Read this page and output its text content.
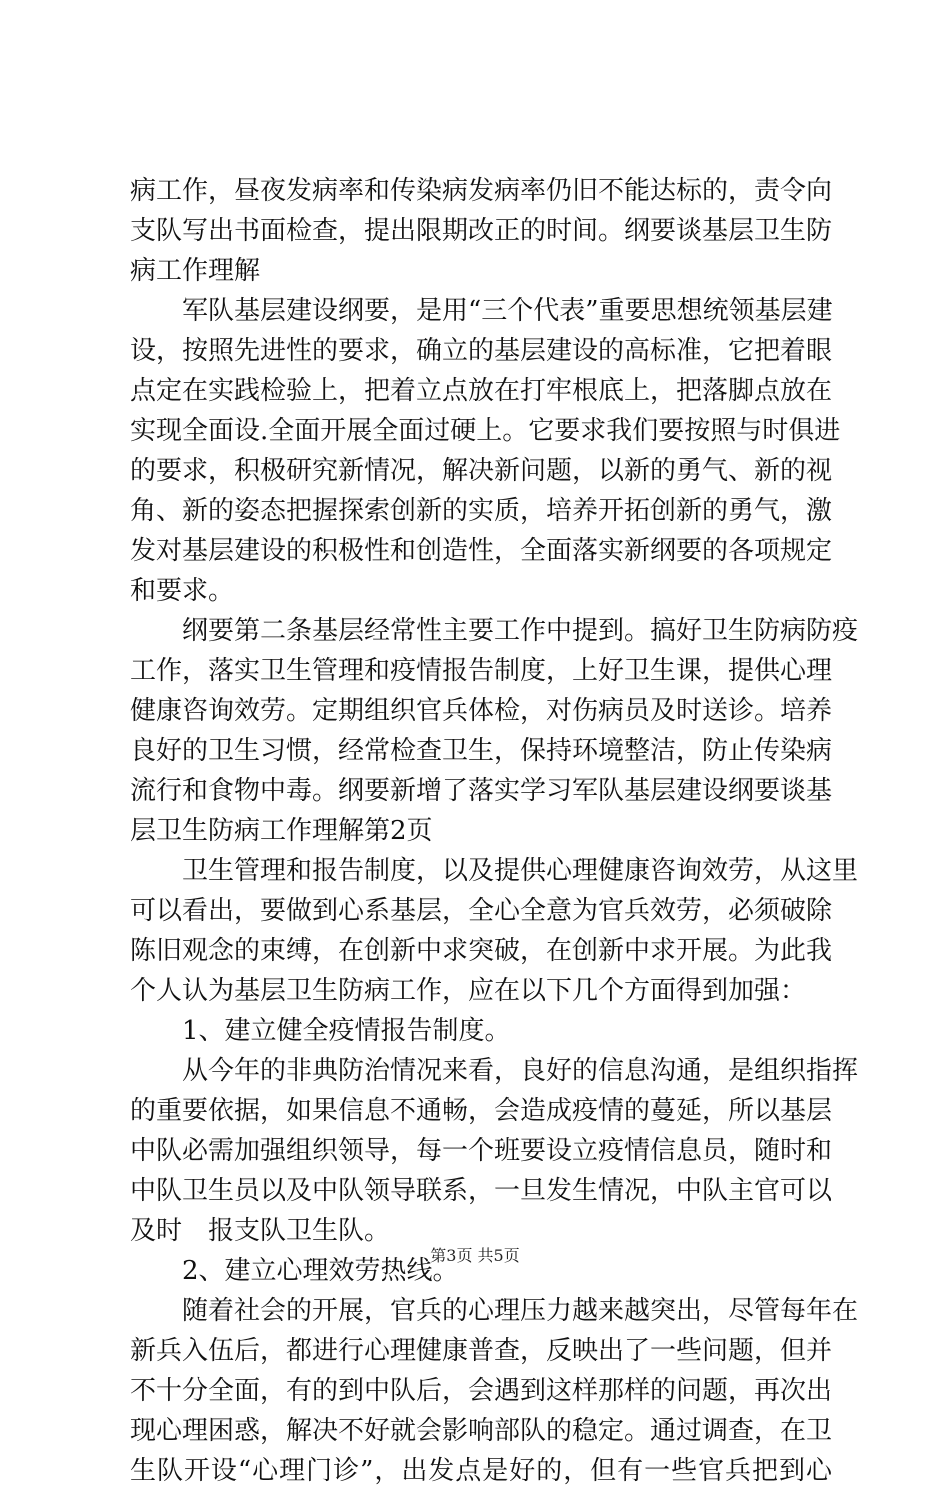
病工作，昼夜发病率和传染病发病率仍旧不能达标的，责令向
支队写出书面检查，提出限期改正的时间。纲要谈基层卫生防
病工作理解
军队基层建设纲要，是用“三个代表”重要思想统领基层建
设，按照先进性的要求，确立的基层建设的高标准，它把着眼
点定在实践检验上，把着立点放在打牢根底上，把落脚点放在
实现全面设.全面开展全面过硬上。它要求我们要按照与时俱进
的要求，积极研究新情况，解决新问题，以新的勇气、新的视
角、新的姿态把握探索创新的实质，培养开拓创新的勇气，激
发对基层建设的积极性和创造性，全面落实新纲要的各项规定
和要求。
纲要第二条基层经常性主要工作中提到。搞好卫生防病防疫
工作，落实卫生管理和疫情报告制度，上好卫生课，提供心理
健康咨询效劳。定期组织官兵体检，对伤病员及时送诊。培养
良好的卫生习惯，经常检查卫生，保持环境整洁，防止传染病
流行和食物中毒。纲要新增了落实学习军队基层建设纲要谈基
层卫生防病工作理解第2页
卫生管理和报告制度，以及提供心理健康咨询效劳，从这里
可以看出，要做到心系基层，全心全意为官兵效劳，必须破除
陈旧观念的束缚，在创新中求突破，在创新中求开展。为此我
个人认为基层卫生防病工作，应在以下几个方面得到加强：
1、建立健全疫情报告制度。
从今年的非典防治情况来看，良好的信息沟通，是组织指挥
的重要依据，如果信息不通畅，会造成疫情的蔓延，所以基层
中队必需加强组织领导，每一个班要设立疫情信息员，随时和
中队卫生员以及中队领导联系，一旦发生情况，中队主官可以
及时　报支队卫生队。
2、建立心理效劳热线。
随着社会的开展，官兵的心理压力越来越突出，尽管每年在
新兵入伍后，都进行心理健康普查，反映出了一些问题，但并
不十分全面，有的到中队后，会遇到这样那样的问题，再次出
现心理困惑，解决不好就会影响部队的稳定。通过调查，在卫
生队开设“心理门诊”，出发点是好的，但有一些官兵把到心
第3页 共5页
